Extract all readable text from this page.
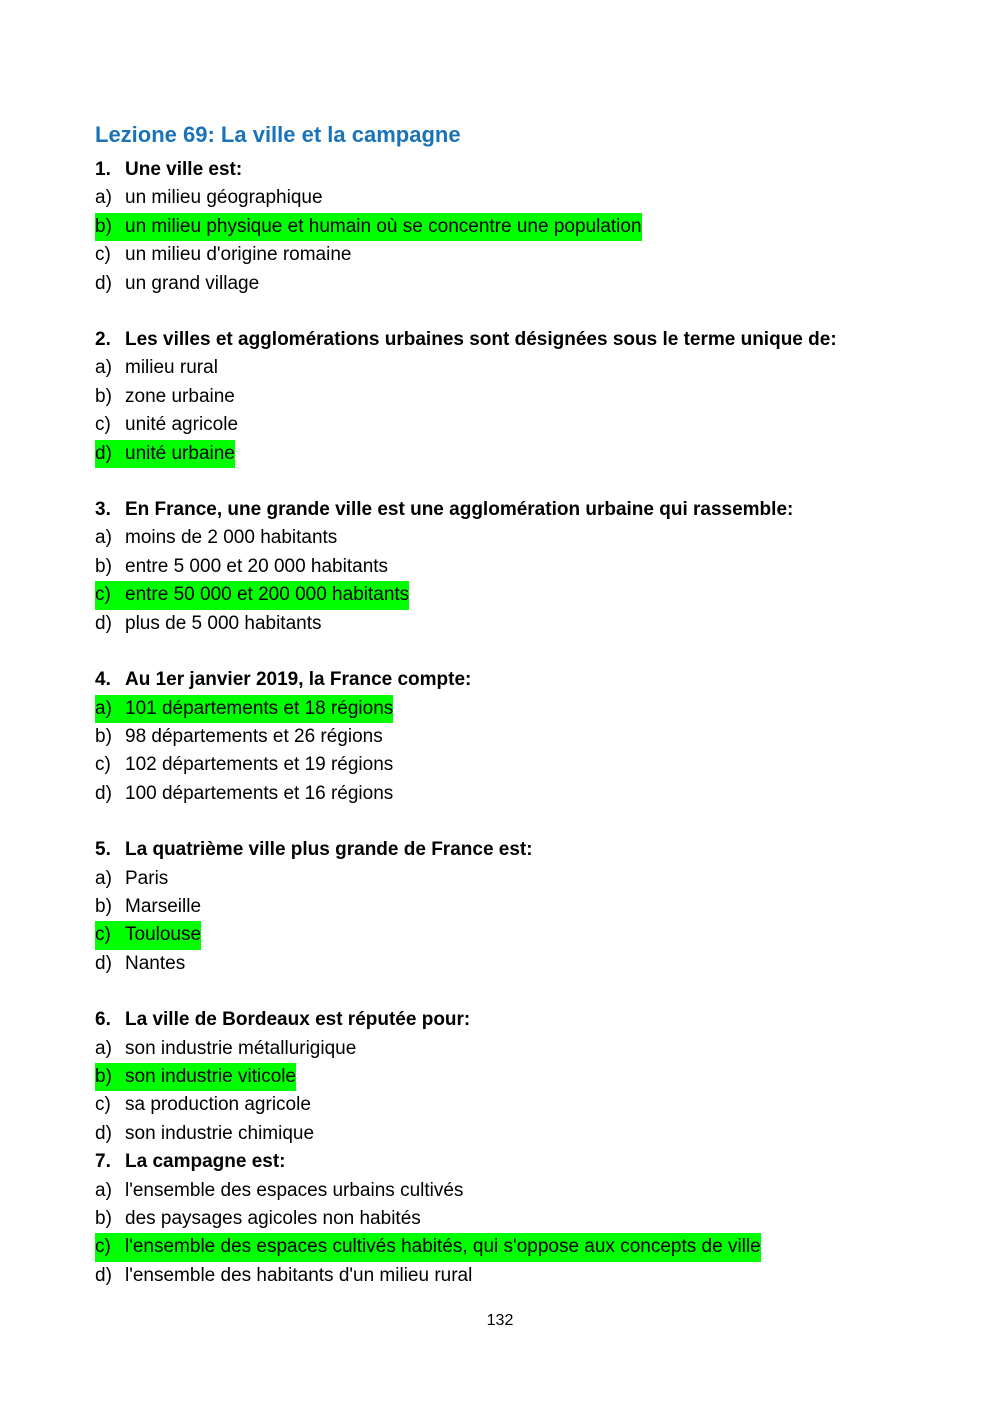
Lezione 69: La ville et la campagne
1. Une ville est:
a) un milieu géographique
b) un milieu physique et humain où se concentre une population
c) un milieu d'origine romaine
d) un grand village
2. Les villes et agglomérations urbaines sont désignées sous le terme unique de:
a) milieu rural
b) zone urbaine
c) unité agricole
d) unité urbaine
3. En France, une grande ville est une agglomération urbaine qui rassemble:
a) moins de 2 000 habitants
b) entre 5 000 et 20 000 habitants
c) entre 50 000 et 200 000 habitants
d) plus de 5 000 habitants
4. Au 1er janvier 2019, la France compte:
a) 101 départements et 18 régions
b) 98 départements et 26 régions
c) 102 départements et 19 régions
d) 100 départements et 16 régions
5. La quatrième ville plus grande de France est:
a) Paris
b) Marseille
c) Toulouse
d) Nantes
6. La ville de Bordeaux est réputée pour:
a) son industrie métallurigique
b) son industrie viticole
c) sa production agricole
d) son industrie chimique
7. La campagne est:
a) l'ensemble des espaces urbains cultivés
b) des paysages agicoles non habités
c) l'ensemble des espaces cultivés habités, qui s'oppose aux concepts de ville
d) l'ensemble des habitants d'un milieu rural
132
